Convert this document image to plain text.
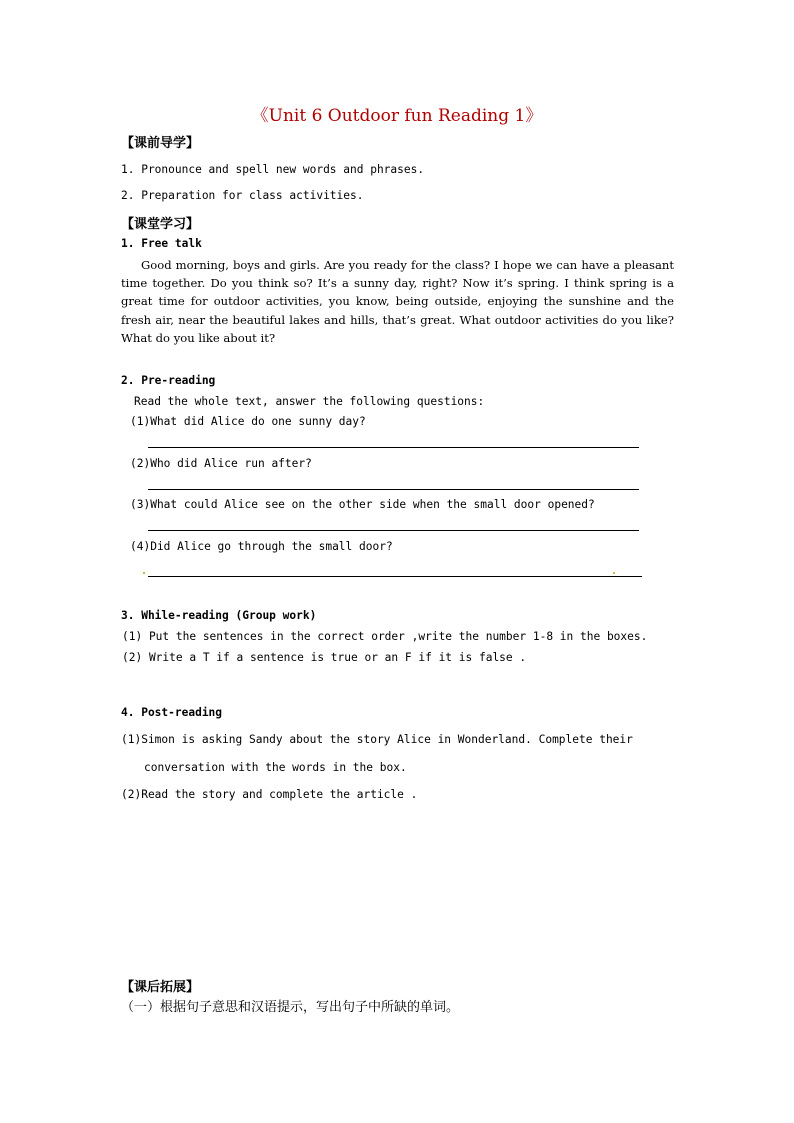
《Unit 6 Outdoor fun Reading 1》
【课前导学】
1. Pronounce and spell new words and phrases.
2. Preparation for class activities.
【课堂学习】
1. Free talk

Good morning, boys and girls. Are you ready for the class? I hope we can have a pleasant time together. Do you think so? It’s a sunny day, right? Now it’s spring. I think spring is a great time for outdoor activities, you know, being outside, enjoying the sunshine and the fresh air, near the beautiful lakes and hills, that’s great. What outdoor activities do you like? What do you like about it?

2. Pre-reading
Read the whole text, answer the following questions:
(1)What did Alice do one sunny day?
(2)Who did Alice run after?
(3)What could Alice see on the other side when the small door opened?
(4)Did Alice go through the small door?
3. While-reading (Group work)
(1) Put the sentences in the correct order ,write the number 1-8 in the boxes.
(2) Write a T if a sentence is true or an F if it is false .
4. Post-reading
(1)Simon is asking Sandy about the story Alice in Wonderland. Complete their
conversation with the words in the box.
(2)Read the story and complete the article .
【课后拓展】
（一）根据句子意思和汉语提示，写出句子中所缺的单词。
